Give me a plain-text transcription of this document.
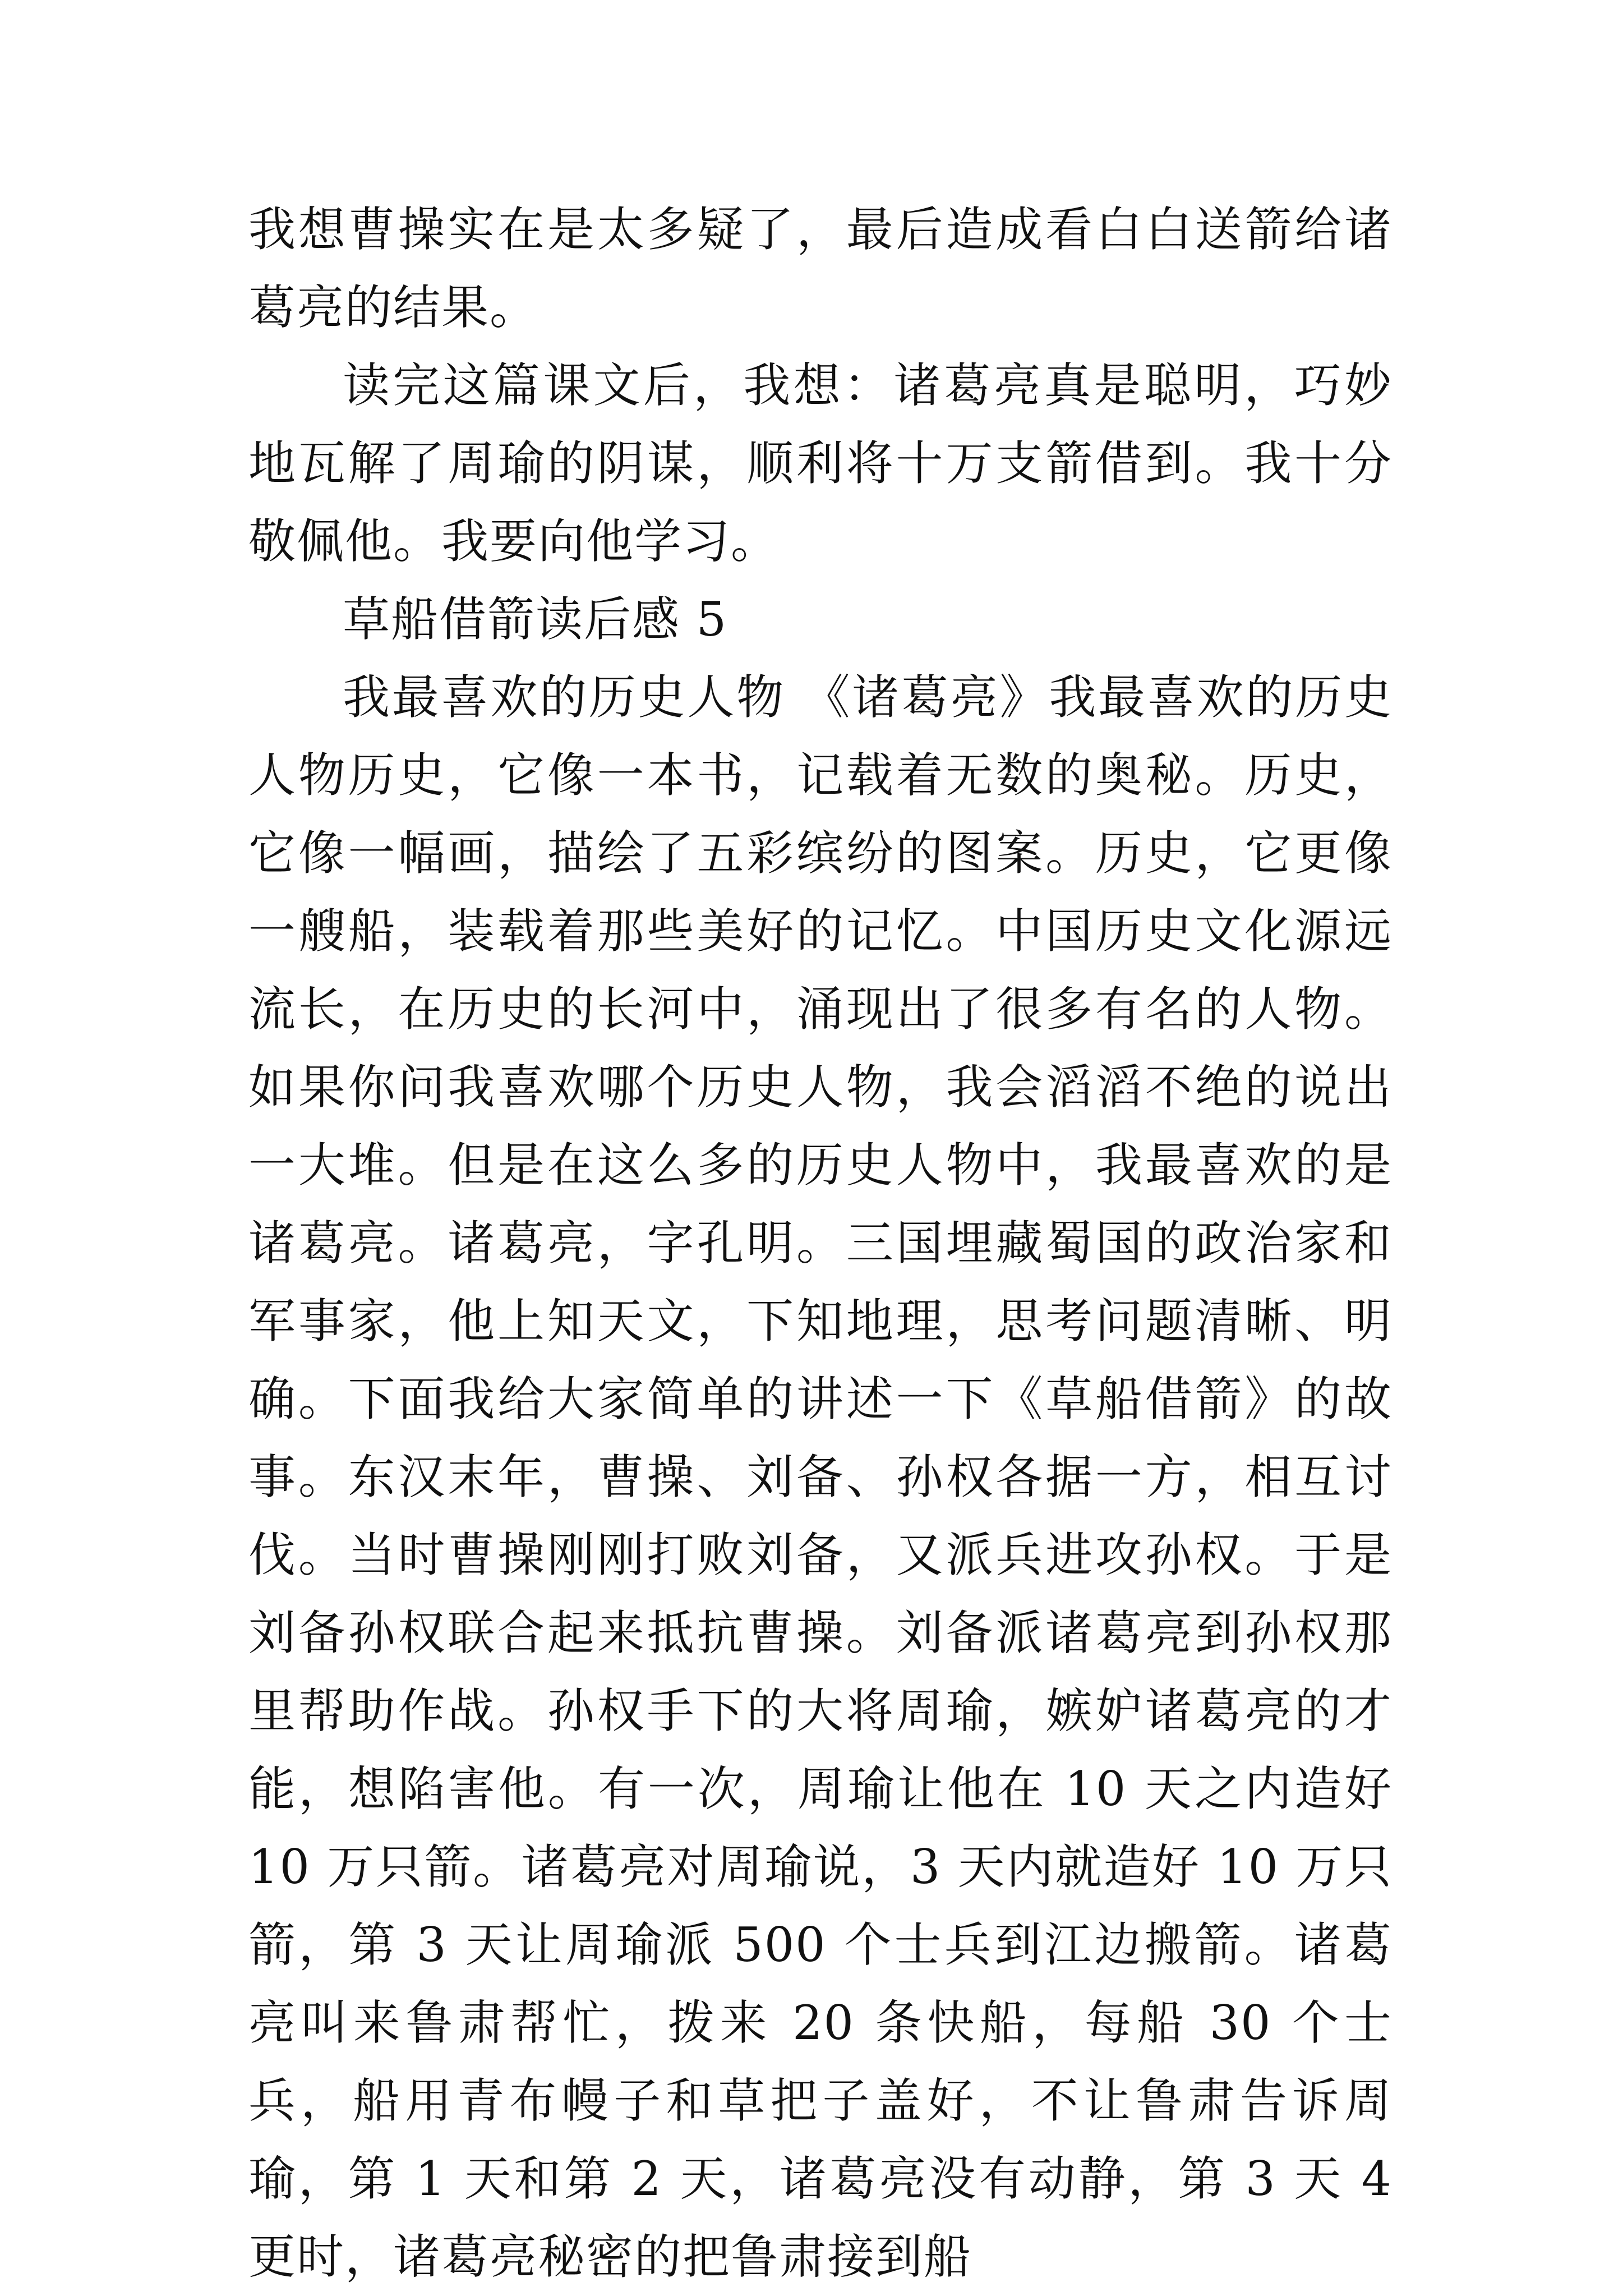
我想曹操实在是太多疑了，最后造成看白白送箭给诸葛亮的结果。

读完这篇课文后，我想：诸葛亮真是聪明，巧妙地瓦解了周瑜的阴谋，顺利将十万支箭借到。我十分敬佩他。我要向他学习。

草船借箭读后感 5

我最喜欢的历史人物 《诸葛亮》我最喜欢的历史人物历史，它像一本书，记载着无数的奥秘。历史，它像一幅画，描绘了五彩缤纷的图案。历史，它更像一艘船，装载着那些美好的记忆。中国历史文化源远流长，在历史的长河中，涌现出了很多有名的人物。如果你问我喜欢哪个历史人物，我会滔滔不绝的说出一大堆。但是在这么多的历史人物中，我最喜欢的是诸葛亮。诸葛亮，字孔明。三国埋藏蜀国的政治家和军事家，他上知天文，下知地理，思考问题清晰、明确。下面我给大家简单的讲述一下《草船借箭》的故事。东汉末年，曹操、刘备、孙权各据一方，相互讨伐。当时曹操刚刚打败刘备，又派兵进攻孙权。于是刘备孙权联合起来抵抗曹操。刘备派诸葛亮到孙权那里帮助作战。孙权手下的大将周瑜，嫉妒诸葛亮的才能，想陷害他。有一次，周瑜让他在 10 天之内造好 10 万只箭。诸葛亮对周瑜说，3 天内就造好 10 万只箭，第 3 天让周瑜派 500 个士兵到江边搬箭。诸葛亮叫来鲁肃帮忙，拨来 20 条快船，每船 30 个士兵，船用青布幔子和草把子盖好，不让鲁肃告诉周瑜，第 1 天和第 2 天，诸葛亮没有动静，第 3 天 4 更时，诸葛亮秘密的把鲁肃接到船
